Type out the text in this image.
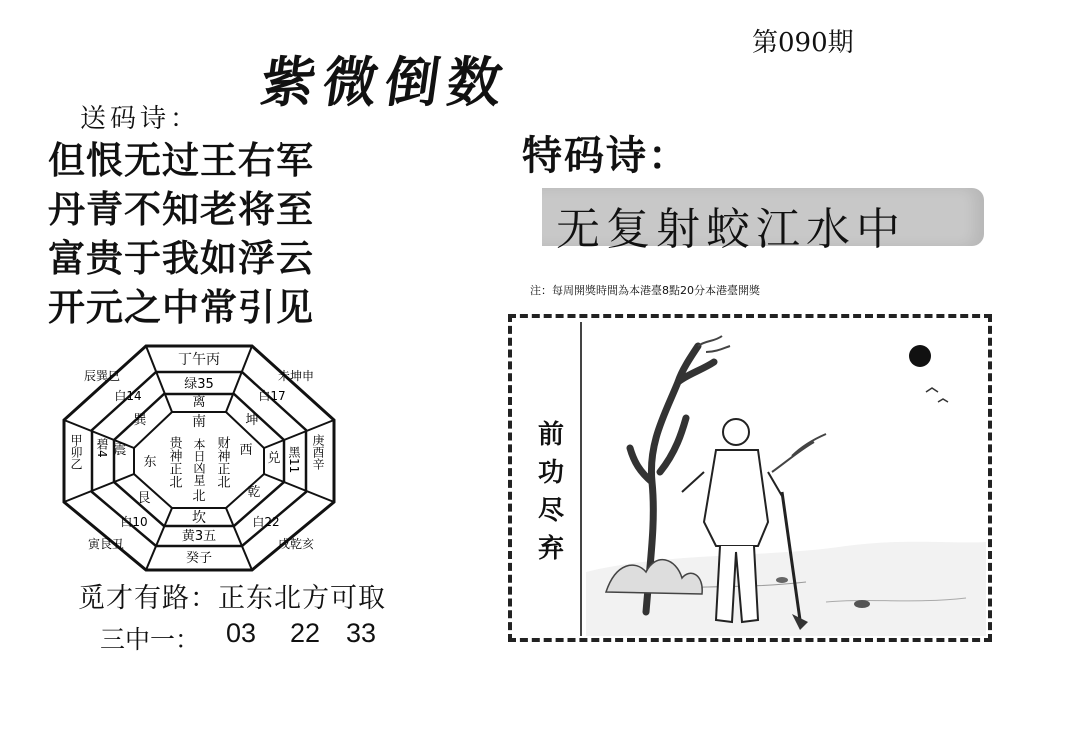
第090期
紫微倒数
送码诗：
但恨无过王右军
丹青不知老将至
富贵于我如浮云
开元之中常引见
特码诗：
无复射蛟江水中
注：每周開獎時間為本港臺8點20分本港臺開獎
南
贵神正北 本日凶星 财神正北
北
离
坎
东
西
巽	坤
艮	乾
震
兑
绿35
白17
黑11
白22
黄3五
白10
碧4
白14
丁午丙
未坤申
庚酉辛
戌乾亥
癸子
寅艮丑
甲卯乙
辰巽巳
觅才有路：正东北方可取
三中一： 03 22 33
前
功
尽
弃
